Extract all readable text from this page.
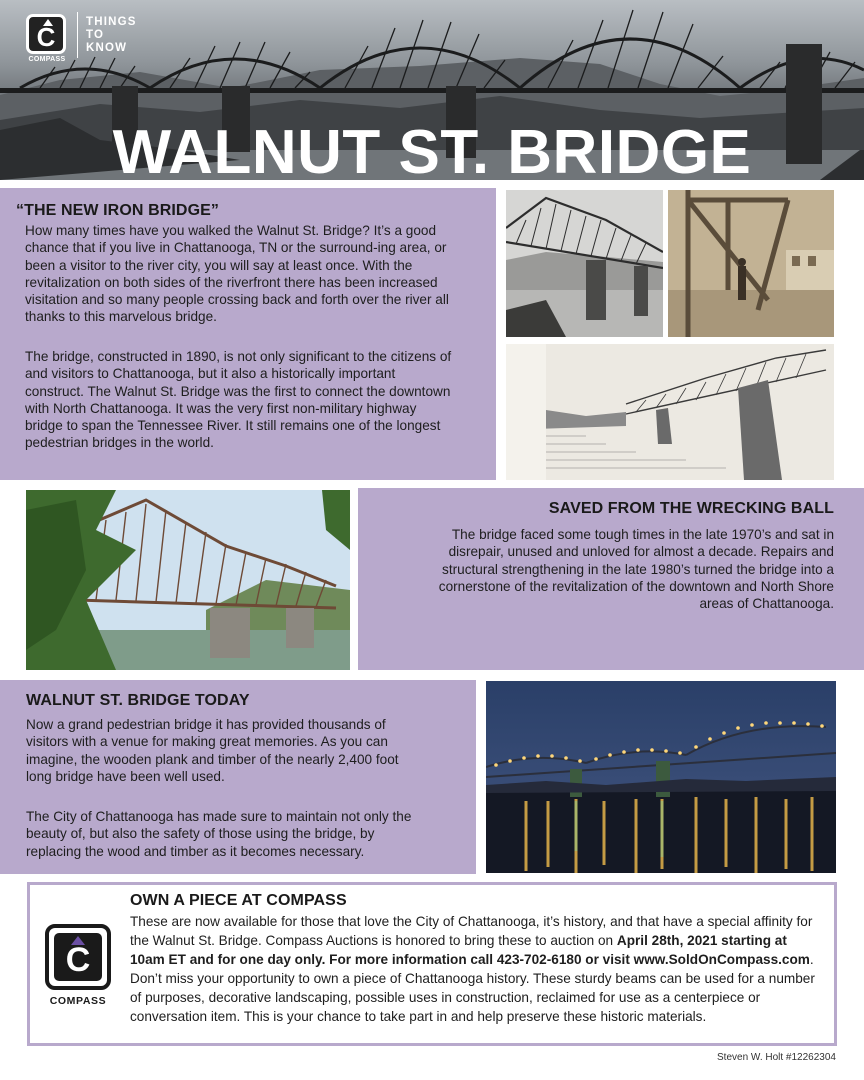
C
COMPASS
THINGS
TO
KNOW
WALNUT ST. BRIDGE
“THE NEW IRON BRIDGE”

How many times have you walked the Walnut St. Bridge? It’s a good chance that if you live in Chattanooga, TN or the surround-ing area, or been a visitor to the river city, you will say at least once. With the revitalization on both sides of the riverfront there has been increased visitation and so many people crossing back and forth over the river all thanks to this marvelous bridge.

The bridge, constructed in 1890, is not only significant to the citizens of and visitors to Chattanooga, but it also a historically important construct. The Walnut St. Bridge was the first to connect the downtown with North Chattanooga. It was the very first non-military highway bridge to span the Tennessee River. It still remains one of the longest pedestrian bridges in the world.

SAVED FROM THE WRECKING BALL

The bridge faced some tough times in the late 1970’s and sat in disrepair, unused and unloved for almost a decade. Repairs and structural strengthening in the late 1980’s turned the bridge into a cornerstone of the revitalization of the downtown and North Shore areas of Chattanooga.

WALNUT ST. BRIDGE TODAY

Now a grand pedestrian bridge it has provided thousands of visitors with a venue for making great memories. As you can imagine, the wooden plank and timber of the nearly 2,400 foot long bridge have been well used.

The City of Chattanooga has made sure to maintain not only the beauty of, but also the safety of those using the bridge, by replacing the wood and timber as it becomes necessary.

C
COMPASS
OWN A PIECE AT COMPASS

These are now available for those that love the City of Chattanooga, it’s history, and that have a special affinity for the Walnut St. Bridge. Compass Auctions is honored to bring these to auction on April 28th, 2021 starting at 10am ET and for one day only. For more information call 423-702-6180 or visit www.SoldOnCompass.com. Don’t miss your opportunity to own a piece of Chattanooga history. These sturdy beams can be used for a number of purposes, decorative landscaping, possible uses in construction, reclaimed for use as a centerpiece or conversation item. This is your chance to take part in and help preserve these historic materials.

Steven W. Holt #12262304
